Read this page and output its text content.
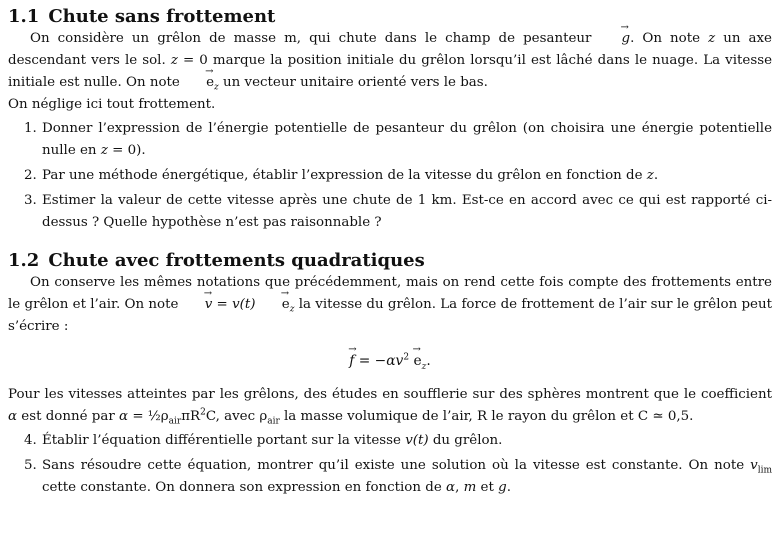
1.1 Chute sans frottement

On considère un grêlon de masse m, qui chute dans le champ de pesanteur → g. On note z un axe descendant vers le sol. z = 0 marque la position initiale du grêlon lorsqu’il est lâché dans le nuage. La vitesse initiale est nulle. On note → $e_z$ un vecteur unitaire orienté vers le bas.

On néglige ici tout frottement.

1. Donner l’expression de l’énergie potentielle de pesanteur du grêlon (on choisira une énergie potentielle nulle en z = 0).
2. Par une méthode énergétique, établir l’expression de la vitesse du grêlon en fonction de z.
3. Estimer la valeur de cette vitesse après une chute de 1 km. Est-ce en accord avec ce qui est rapporté ci-dessus ? Quelle hypothèse n’est pas raisonnable ?
1.2 Chute avec frottements quadratiques

On conserve les mêmes notations que précédemment, mais on rend cette fois compte des frottements entre le grêlon et l’air. On note → $v = v(t) \to e_z$ la vitesse du grêlon. La force de frottement de l’air sur le grêlon peut s’écrire :

→ $f = -\alpha v^2 \to e_z$.

Pour les vitesses atteintes par les grêlons, des études en soufflerie sur des sphères montrent que le coefficient α est donné par $\alpha = \frac{1}{2}\rho_{air}\pi R^2C$, avec $\rho_{air}$ la masse volumique de l’air, R le rayon du grêlon et C ≃ 0,5.

4. Établir l’équation différentielle portant sur la vitesse v(t) du grêlon.
5. Sans résoudre cette équation, montrer qu’il existe une solution où la vitesse est constante. On note $v_{lim}$ cette constante. On donnera son expression en fonction de α, m et g.
